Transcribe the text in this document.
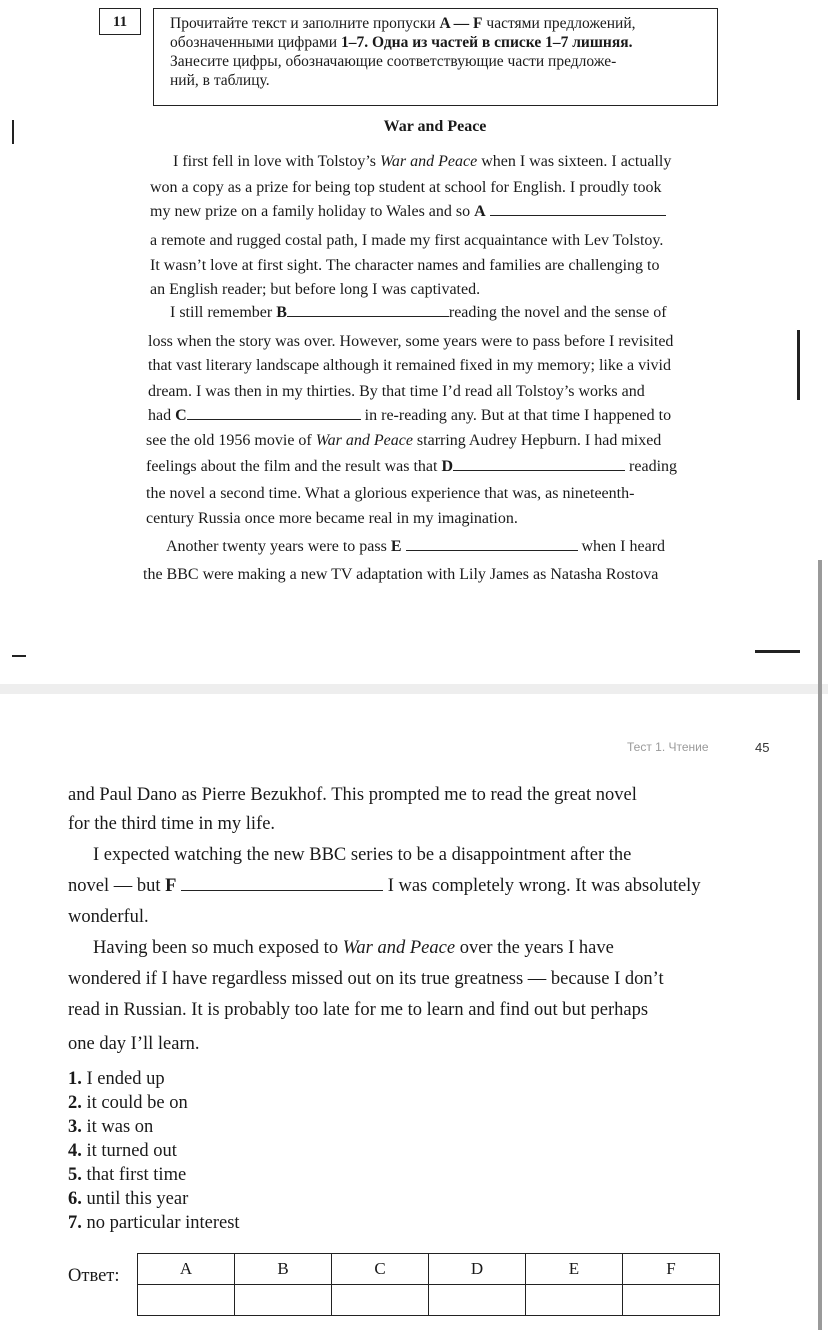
11	Прочитайте текст и заполните пропуски A — F частями предложений,
обозначенными цифрами 1–7. Одна из частей в списке 1–7 лишняя.
Занесите цифры, обозначающие соответствующие части предложе-
ний, в таблицу.
War and Peace
I first fell in love with Tolstoy’s War and Peace when I was sixteen. I actually
won a copy as a prize for being top student at school for English. I proudly took
my new prize on a family holiday to Wales and so A
a remote and rugged costal path, I made my first acquaintance with Lev Tolstoy.
It wasn’t love at first sight. The character names and families are challenging to
an English reader; but before long I was captivated.
I still remember B	reading the novel and the sense of
loss when the story was over. However, some years were to pass before I revisited
that vast literary landscape although it remained fixed in my memory; like a vivid
dream. I was then in my thirties. By that time I’d read all Tolstoy’s works and
had C	in re-reading any. But at that time I happened to
see the old 1956 movie of War and Peace starring Audrey Hepburn. I had mixed
feelings about the film and the result was that D	reading
the novel a second time. What a glorious experience that was, as nineteenth-
century Russia once more became real in my imagination.
Another twenty years were to pass E	when I heard
the BBC were making a new TV adaptation with Lily James as Natasha Rostova
Тест 1. Чтение	45
and Paul Dano as Pierre Bezukhof. This prompted me to read the great novel
for the third time in my life.
I expected watching the new BBC series to be a disappointment after the
novel — but F	I was completely wrong. It was absolutely
wonderful.
Having been so much exposed to War and Peace over the years I have
wondered if I have regardless missed out on its true greatness — because I don’t
read in Russian. It is probably too late for me to learn and find out but perhaps
one day I’ll learn.
1. I ended up
2. it could be on
3. it was on
4. it turned out
5. that first time
6. until this year
7. no particular interest
Ответ:	A	B	C	D	E	F
